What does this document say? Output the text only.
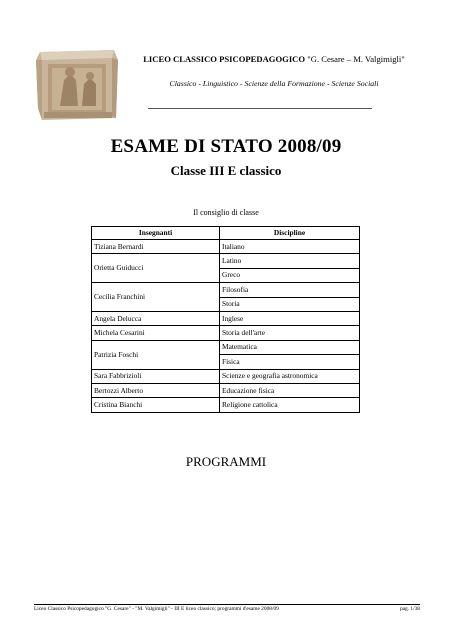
LICEO CLASSICO PSICOPEDAGOGICO "G. Cesare – M. Valgimigli"
Classico - Linguistico - Scienze della Formazione - Scienze Sociali
ESAME DI STATO 2008/09
Classe III E classico
Il consiglio di classe
Insegnanti	Discipline
Tiziana Bernardi	Italiano
Orietta Guiducci	Latino
	Greco
Cecilia Franchini	Filosofia
	Storia
Angela Delucca	Inglese
Michela Cesarini	Storia dell'arte
Patrizia Foschi	Matematica
	Fisica
Sara Fabbrizioli	Scienze e geografia astronomica
Bertozzi Alberto	Educazione fisica
Cristina Bianchi	Religione cattolica
PROGRAMMI
Liceo Classico Psicopedagogico "G. Cesare" - "M. Valgimigli" - III E liceo classico; programmi d'esame 2008/09	pag. 1/38
